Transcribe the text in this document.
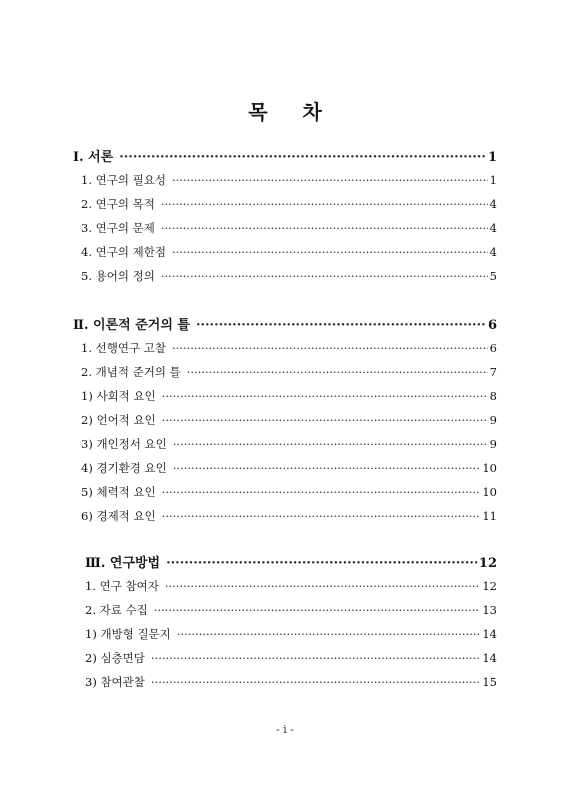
목 차
Ⅰ. 서론 ·····	1
1. 연구의 필요성 ·····	1
2. 연구의 목적 ·····	4
3. 연구의 문제 ·····	4
4. 연구의 제한점 ·····	4
5. 용어의 정의 ·····	5
Ⅱ. 이론적 준거의 틀 ·····	6
1. 선행연구 고찰 ·····	6
2. 개념적 준거의 틀 ·····	7
1) 사회적 요인 ·····	8
2) 언어적 요인 ·····	9
3) 개인정서 요인 ·····	9
4) 경기환경 요인 ·····	10
5) 체력적 요인 ·····	10
6) 경제적 요인 ·····	11
Ⅲ. 연구방법 ·····	12
1. 연구 참여자 ·····	12
2. 자료 수집 ·····	13
1) 개방형 질문지 ·····	14
2) 심층면담 ·····	14
3) 참여관찰 ·····	15
- i -
